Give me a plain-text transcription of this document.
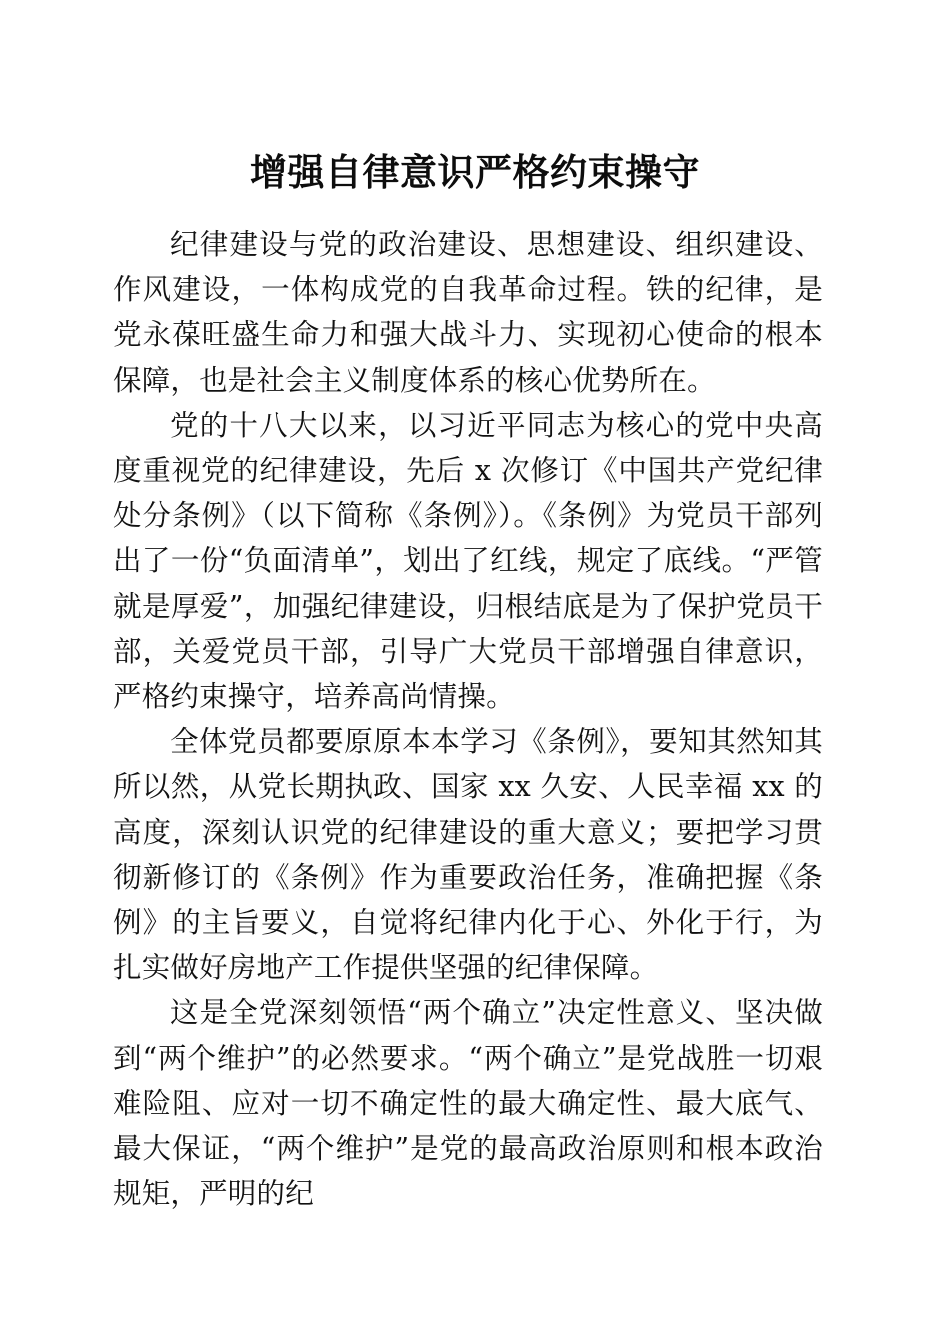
增强自律意识严格约束操守

纪律建设与党的政治建设、思想建设、组织建设、作风建设，一体构成党的自我革命过程。铁的纪律，是党永葆旺盛生命力和强大战斗力、实现初心使命的根本保障，也是社会主义制度体系的核心优势所在。

党的十八大以来，以习近平同志为核心的党中央高度重视党的纪律建设，先后 x 次修订《中国共产党纪律处分条例》（以下简称《条例》）。《条例》为党员干部列出了一份“负面清单”，划出了红线，规定了底线。“严管就是厚爱”，加强纪律建设，归根结底是为了保护党员干部，关爱党员干部，引导广大党员干部增强自律意识，严格约束操守，培养高尚情操。

全体党员都要原原本本学习《条例》，要知其然知其所以然，从党长期执政、国家 xx 久安、人民幸福 xx 的高度，深刻认识党的纪律建设的重大意义；要把学习贯彻新修订的《条例》作为重要政治任务，准确把握《条例》的主旨要义，自觉将纪律内化于心、外化于行，为扎实做好房地产工作提供坚强的纪律保障。

这是全党深刻领悟“两个确立”决定性意义、坚决做到“两个维护”的必然要求。“两个确立”是党战胜一切艰难险阻、应对一切不确定性的最大确定性、最大底气、最大保证，“两个维护”是党的最高政治原则和根本政治规矩，严明的纪
